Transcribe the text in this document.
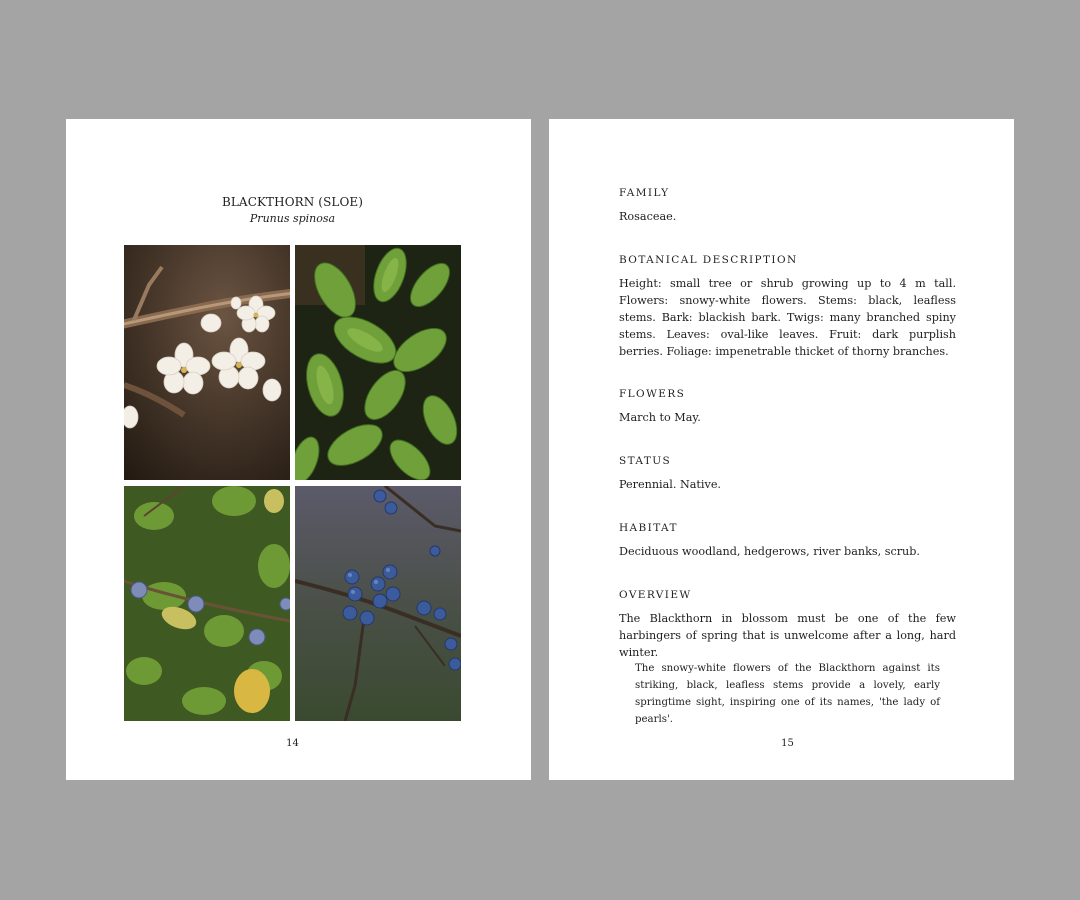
BLACKTHORN (SLOE)
Prunus spinosa
14
FAMILY

Rosaceae.

BOTANICAL DESCRIPTION

Height: small tree or shrub growing up to 4 m tall. Flowers: snowy-white flowers. Stems: black, leafless stems. Bark: blackish bark. Twigs: many branched spiny stems. Leaves: oval-like leaves. Fruit: dark purplish berries. Foliage: impenetrable thicket of thorny branches.

FLOWERS

March to May.

STATUS

Perennial. Native.

HABITAT

Deciduous woodland, hedgerows, river banks, scrub.

OVERVIEW

The Blackthorn in blossom must be one of the few harbingers of spring that is unwelcome after a long, hard winter.

The snowy-white flowers of the Blackthorn against its striking, black, leafless stems provide a lovely, early springtime sight, inspiring one of its names, 'the lady of pearls'.

15
